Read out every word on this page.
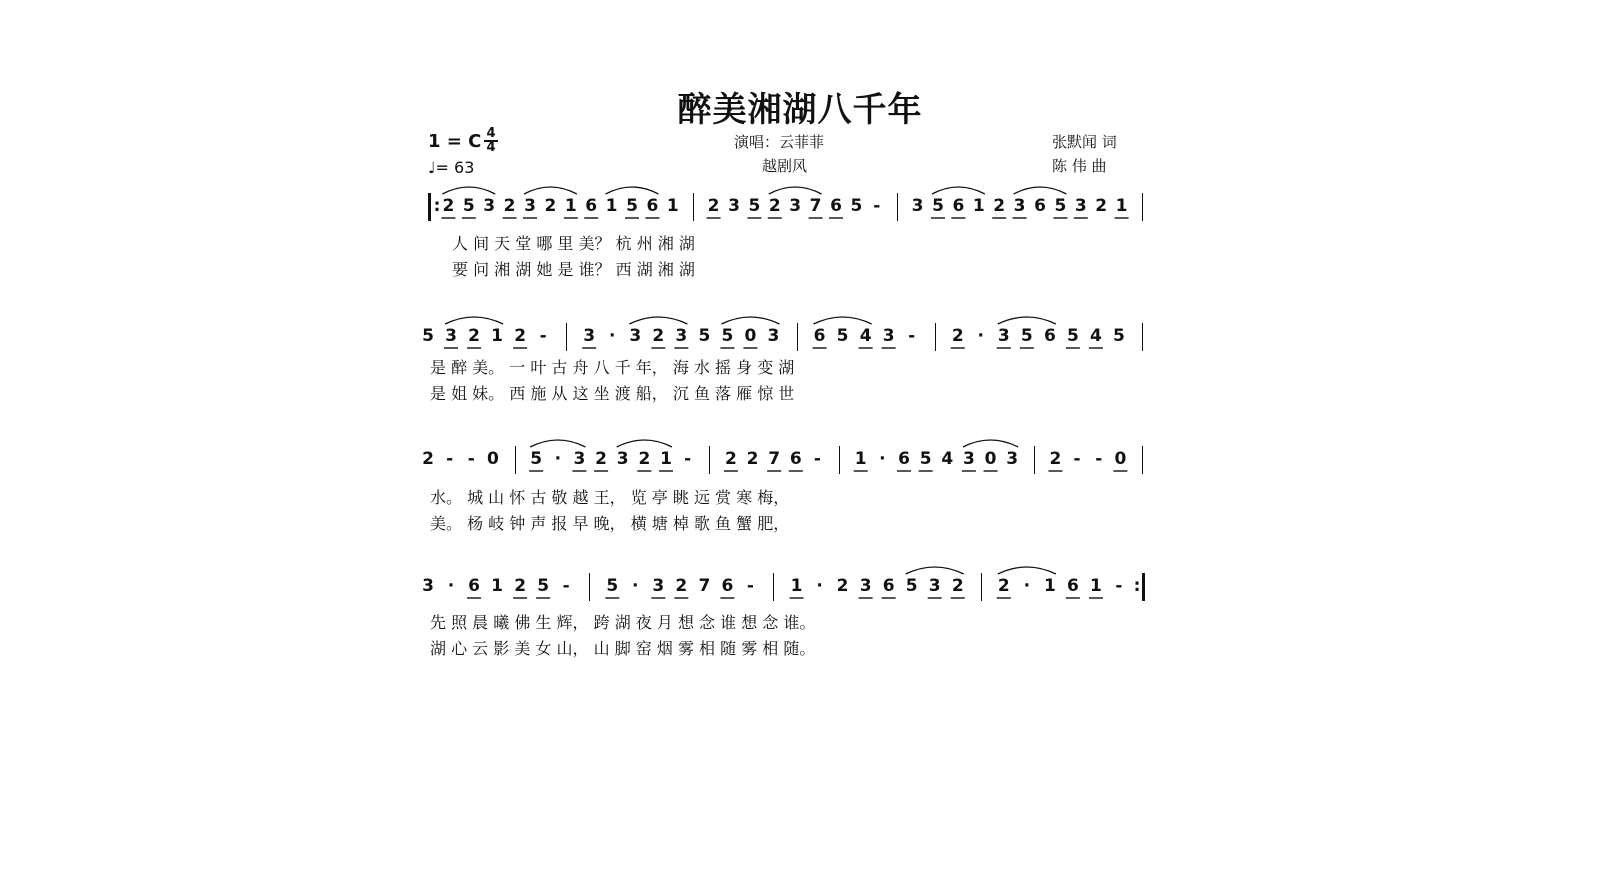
醉美湘湖八千年
1 = C 4
4
♩= 63
演唱：云菲菲
越剧风
张默闻 词
陈 伟 曲
: 2 5 3 2 3 2 1 6 1 5 6 1 2 3 5 2 3 7 6 5 - 3 5 6 1 2 3 6 5 3 2 1
人 间 天 堂 哪 里 美？ 杭 州 湘 湖
要 问 湘 湖 她 是 谁？ 西 湖 湘 湖
5 3 2 1 2 - 3 · 3 2 3 5 5 0 3 6 5 4 3 - 2 · 3 5 6 5 4 5
是 醉 美。 一 叶 古 舟 八 千 年， 海 水 摇 身 变 湖
是 姐 妹。 西 施 从 这 坐 渡 船， 沉 鱼 落 雁 惊 世
2 - - 0 5 · 3 2 3 2 1 - 2 2 7 6 - 1 · 6 5 4 3 0 3 2 - - 0
水。 城 山 怀 古 敬 越 王， 览 亭 眺 远 赏 寒 梅，
美。 杨 岐 钟 声 报 早 晚， 横 塘 棹 歌 鱼 蟹 肥，
3 · 6 1 2 5 - 5 · 3 2 7 6 - 1 · 2 3 6 5 3 2 2 · 1 6 1 - :
先 照 晨 曦 佛 生 辉， 跨 湖 夜 月 想 念 谁 想 念 谁。
湖 心 云 影 美 女 山， 山 脚 窑 烟 雾 相 随 雾 相 随。
